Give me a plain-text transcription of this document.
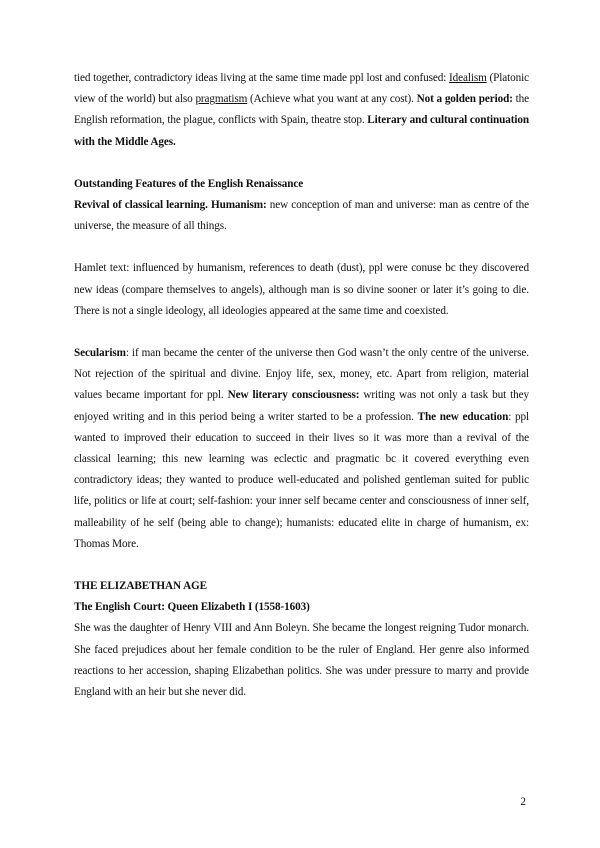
tied together, contradictory ideas living at the same time made ppl lost and confused: Idealism (Platonic view of the world) but also pragmatism (Achieve what you want at any cost). Not a golden period: the English reformation, the plague, conflicts with Spain, theatre stop. Literary and cultural continuation with the Middle Ages.

Outstanding Features of the English Renaissance

Revival of classical learning. Humanism: new conception of man and universe: man as centre of the universe, the measure of all things.

Hamlet text: influenced by humanism, references to death (dust), ppl were conuse bc they discovered new ideas (compare themselves to angels), although man is so divine sooner or later it’s going to die. There is not a single ideology, all ideologies appeared at the same time and coexisted.

Secularism: if man became the center of the universe then God wasn’t the only centre of the universe. Not rejection of the spiritual and divine. Enjoy life, sex, money, etc. Apart from religion, material values became important for ppl. New literary consciousness: writing was not only a task but they enjoyed writing and in this period being a writer started to be a profession. The new education: ppl wanted to improved their education to succeed in their lives so it was more than a revival of the classical learning; this new learning was eclectic and pragmatic bc it covered everything even contradictory ideas; they wanted to produce well-educated and polished gentleman suited for public life, politics or life at court; self-fashion: your inner self became center and consciousness of inner self, malleability of he self (being able to change); humanists: educated elite in charge of humanism, ex: Thomas More.

THE ELIZABETHAN AGE

The English Court: Queen Elizabeth I (1558-1603)

She was the daughter of Henry VIII and Ann Boleyn. She became the longest reigning Tudor monarch. She faced prejudices about her female condition to be the ruler of England. Her genre also informed reactions to her accession, shaping Elizabethan politics. She was under pressure to marry and provide England with an heir but she never did.

2
